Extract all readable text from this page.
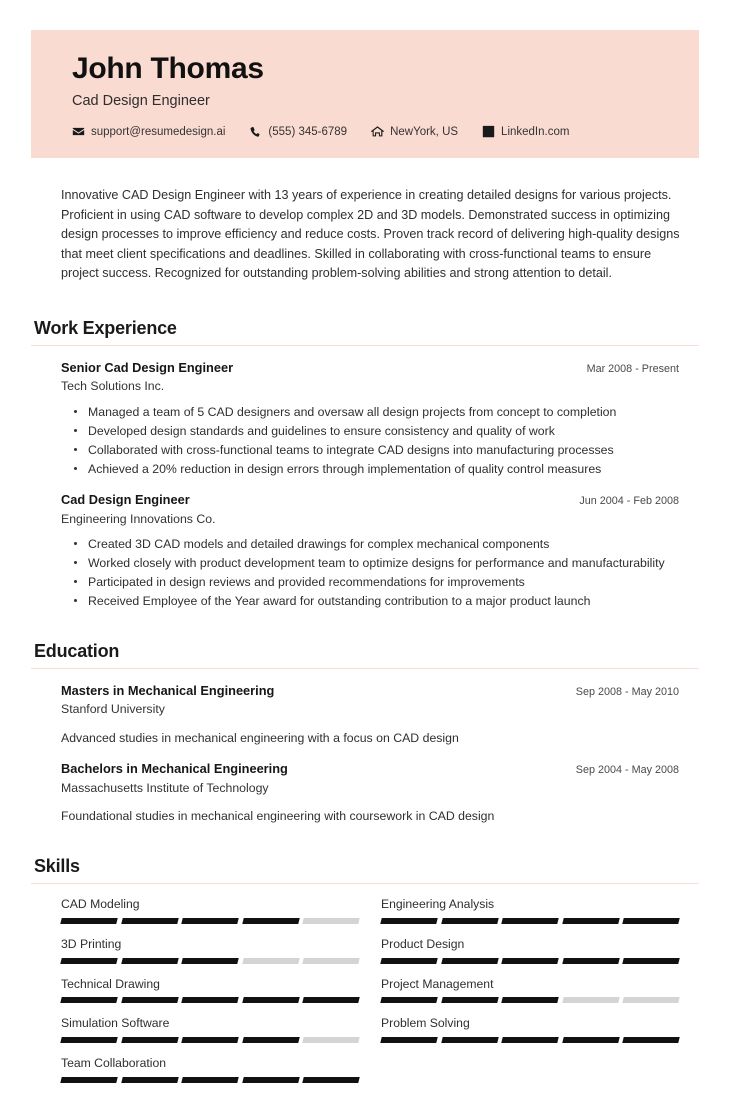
John Thomas
Cad Design Engineer
support@resumedesign.ai	(555) 345-6789	NewYork, US	LinkedIn.com

Innovative CAD Design Engineer with 13 years of experience in creating detailed designs for various projects. Proficient in using CAD software to develop complex 2D and 3D models. Demonstrated success in optimizing design processes to improve efficiency and reduce costs. Proven track record of delivering high-quality designs that meet client specifications and deadlines. Skilled in collaborating with cross-functional teams to ensure project success. Recognized for outstanding problem-solving abilities and strong attention to detail.

Work Experience
Senior Cad Design Engineer	Mar 2008 - Present
Tech Solutions Inc.
Managed a team of 5 CAD designers and oversaw all design projects from concept to completion
Developed design standards and guidelines to ensure consistency and quality of work
Collaborated with cross-functional teams to integrate CAD designs into manufacturing processes
Achieved a 20% reduction in design errors through implementation of quality control measures
Cad Design Engineer	Jun 2004 - Feb 2008
Engineering Innovations Co.
Created 3D CAD models and detailed drawings for complex mechanical components
Worked closely with product development team to optimize designs for performance and manufacturability
Participated in design reviews and provided recommendations for improvements
Received Employee of the Year award for outstanding contribution to a major product launch
Education
Masters in Mechanical Engineering	Sep 2008 - May 2010
Stanford University
Advanced studies in mechanical engineering with a focus on CAD design
Bachelors in Mechanical Engineering	Sep 2004 - May 2008
Massachusetts Institute of Technology
Foundational studies in mechanical engineering with coursework in CAD design
Skills
CAD Modeling	Engineering Analysis
3D Printing	Product Design
Technical Drawing	Project Management
Simulation Software	Problem Solving
Team Collaboration
